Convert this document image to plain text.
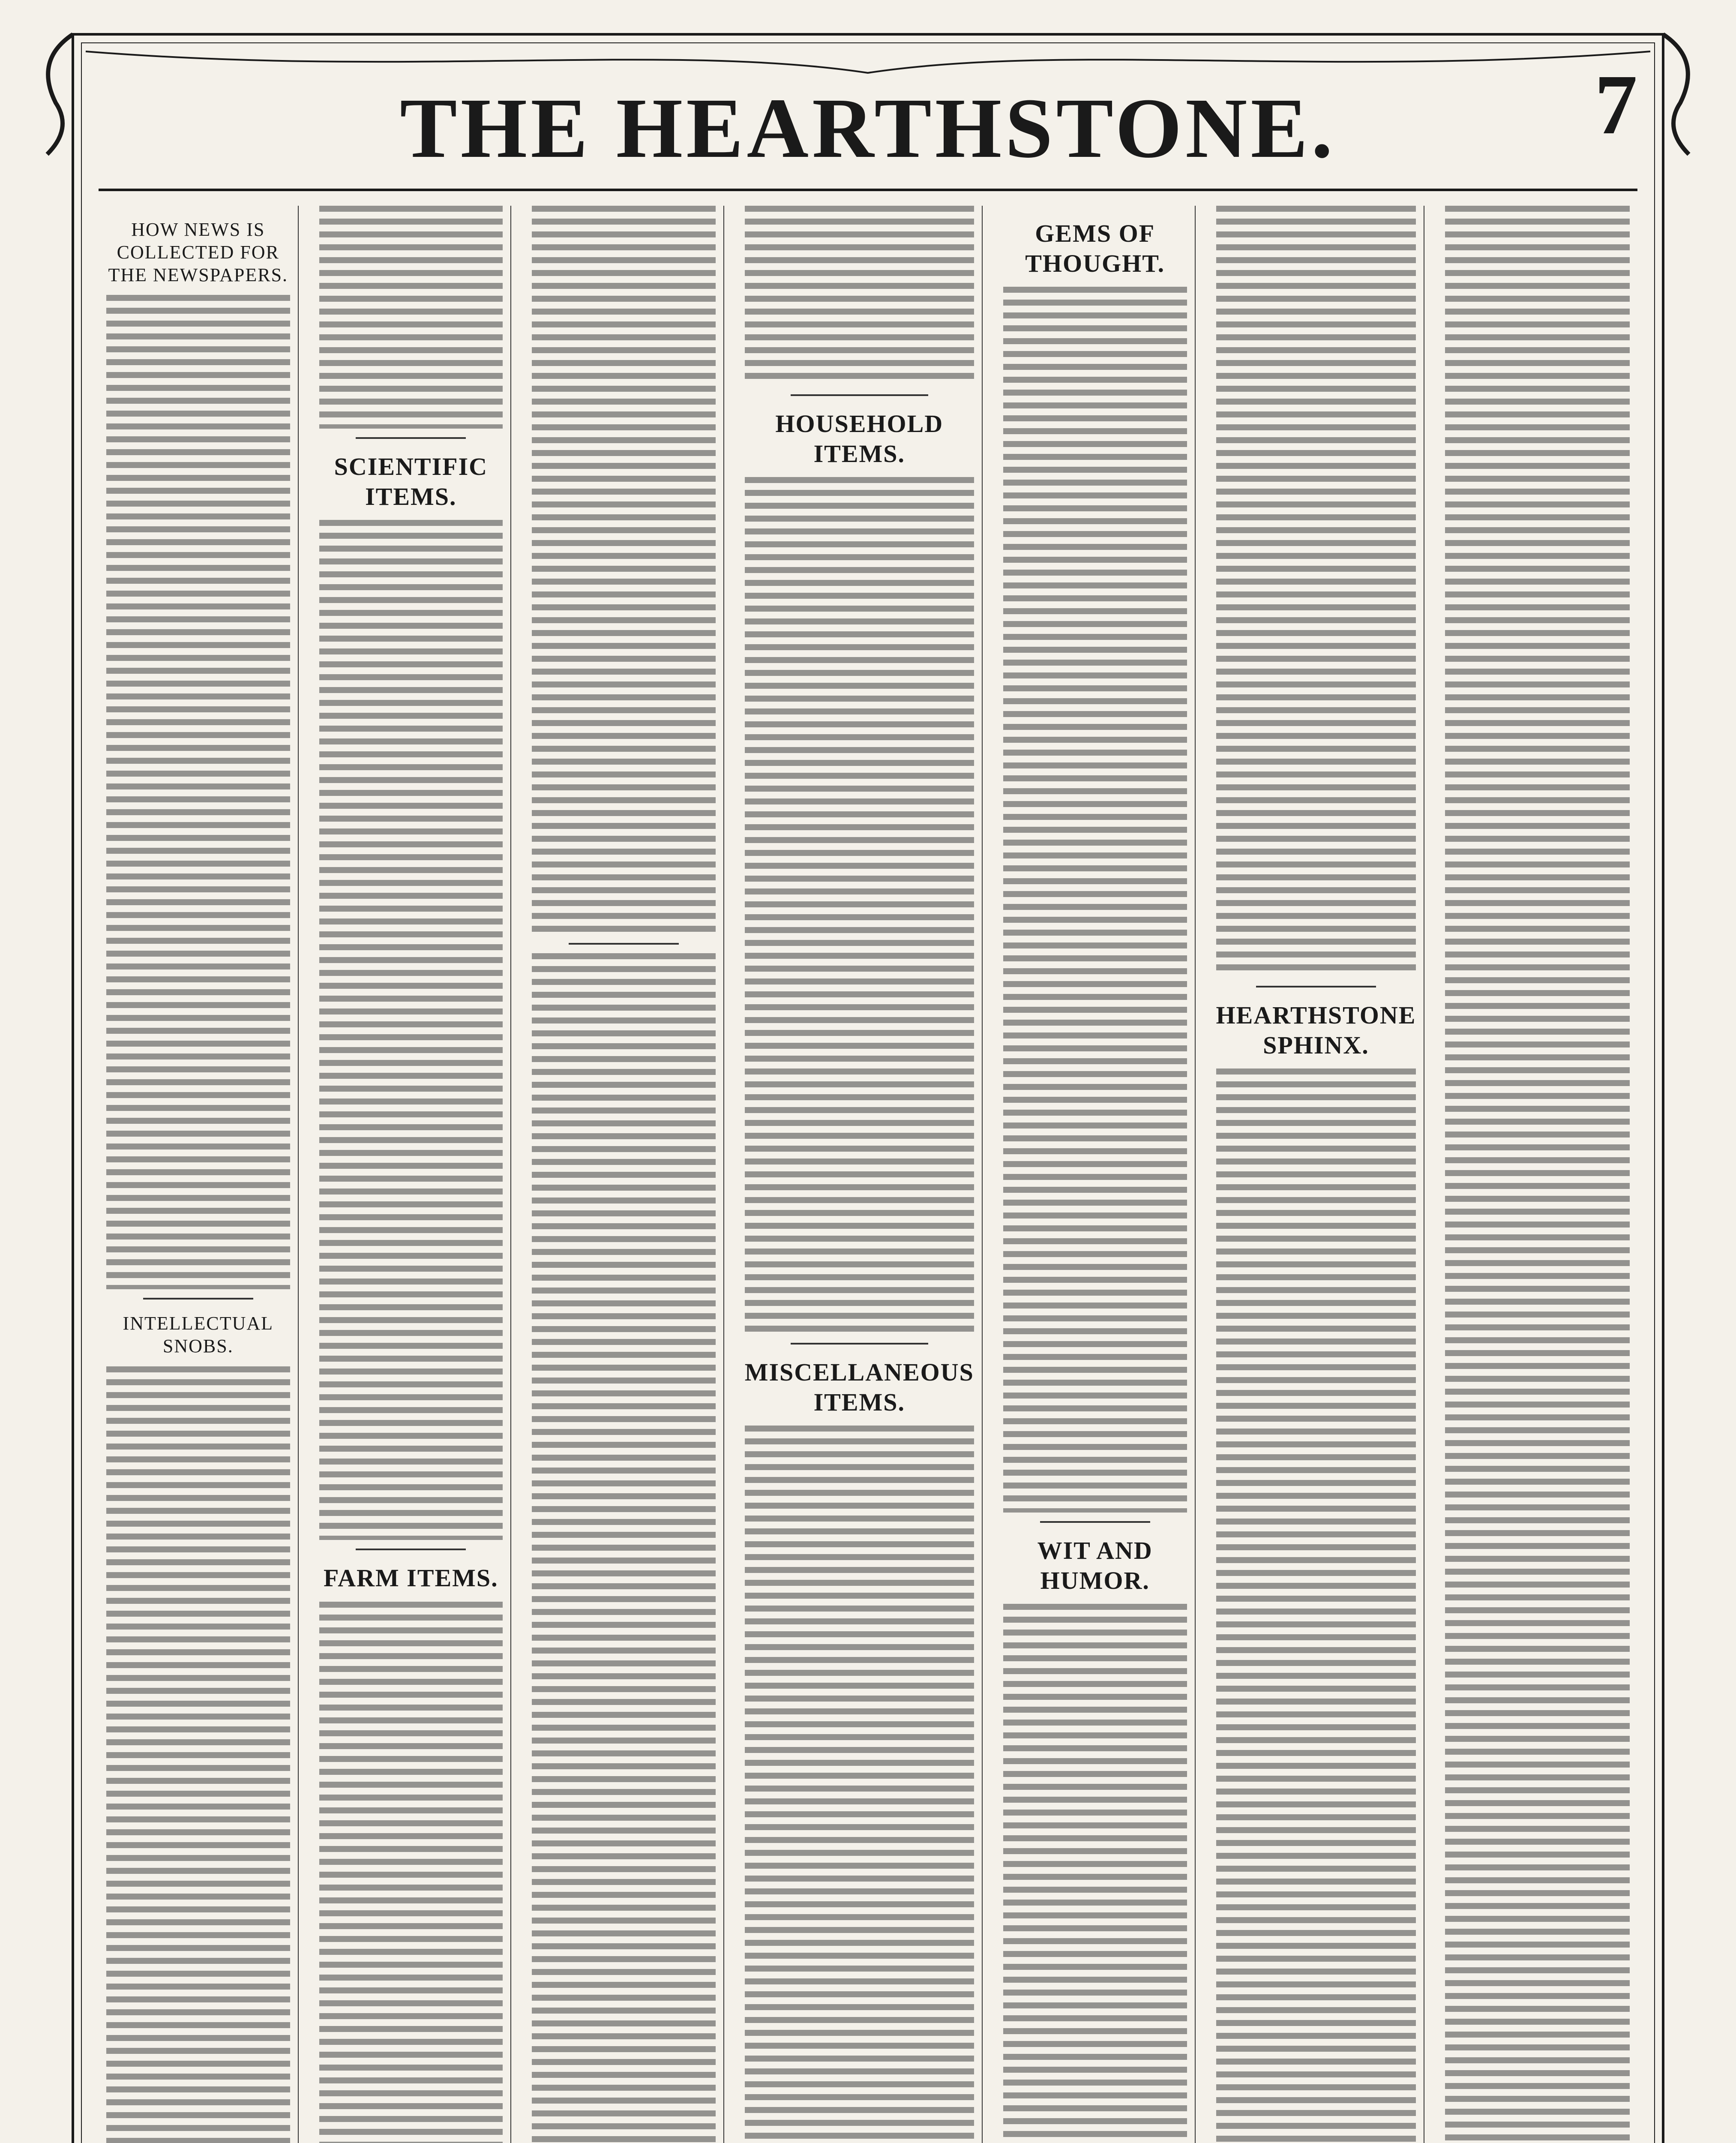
THE HEARTHSTONE.	7
HOW NEWS IS COLLECTED FOR THE NEWSPAPERS.
INTELLECTUAL SNOBS.
SCIENTIFIC ITEMS.
FARM ITEMS.
HOUSEHOLD ITEMS.
MISCELLANEOUS ITEMS.
GEMS OF THOUGHT.
WIT AND HUMOR.
HEARTHSTONE SPHINX.
